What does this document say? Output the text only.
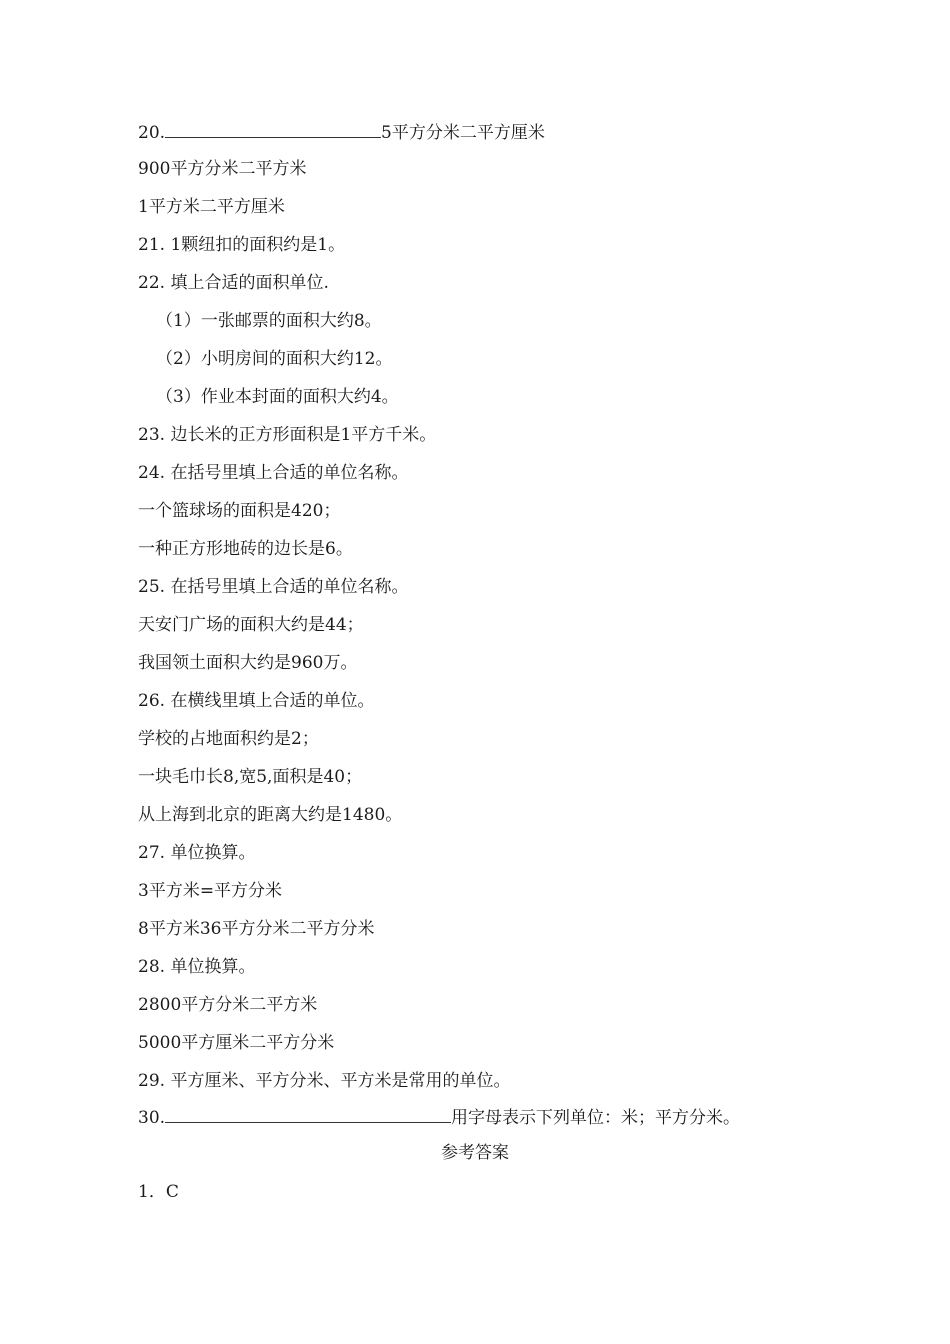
20.	5平方分米二平方厘米
900平方分米二平方米
1平方米二平方厘米
21. 1颗纽扣的面积约是1。
22. 填上合适的面积单位.
（1）一张邮票的面积大约8。
（2）小明房间的面积大约12。
（3）作业本封面的面积大约4。
23. 边长米的正方形面积是1平方千米。
24. 在括号里填上合适的单位名称。
一个篮球场的面积是420；
一种正方形地砖的边长是6。
25. 在括号里填上合适的单位名称。
天安门广场的面积大约是44；
我国领土面积大约是960万。
26. 在横线里填上合适的单位。
学校的占地面积约是2；
一块毛巾长8,宽5,面积是40；
从上海到北京的距离大约是1480。
27. 单位换算。
3平方米=平方分米
8平方米36平方分米二平方分米
28. 单位换算。
2800平方分米二平方米
5000平方厘米二平方分米
29. 平方厘米、平方分米、平方米是常用的单位。
30.	用字母表示下列单位：米；平方分米。
参考答案
1．C
